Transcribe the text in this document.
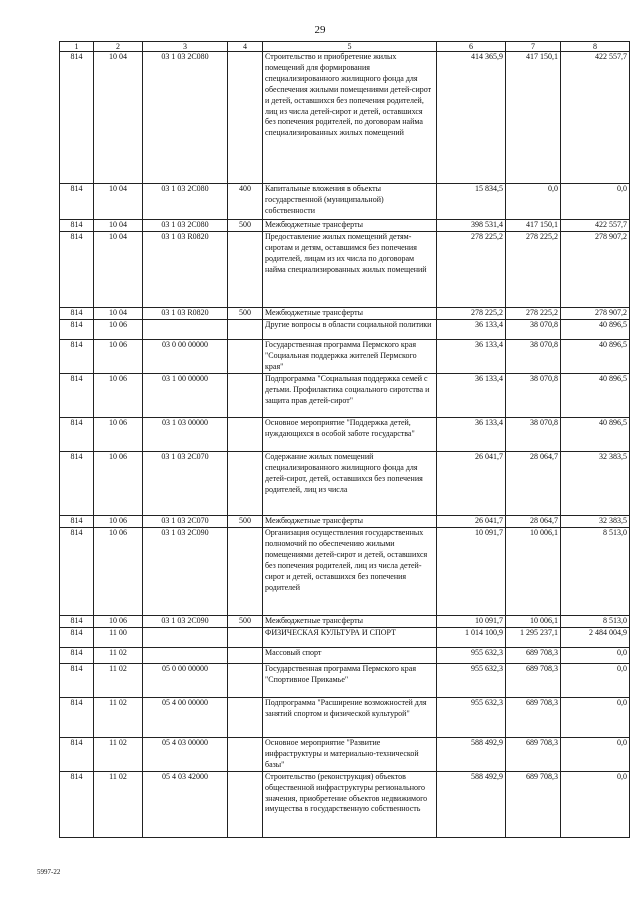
29
1	2	3	4	5	6	7	8
814	10 04	03 1 03 2С080		Строительство и приобретение жилых помещений для формирования специализированного жилищного фонда для обеспечения жилыми помещениями детей-сирот и детей, оставшихся без попечения родителей, лиц из числа детей-сирот и детей, оставшихся без попечения родителей, по договорам найма специализированных жилых помещений	414 365,9	417 150,1	422 557,7
814	10 04	03 1 03 2С080	400	Капитальные вложения в объекты государственной (муниципальной) собственности	15 834,5	0,0	0,0
814	10 04	03 1 03 2С080	500	Межбюджетные трансферты	398 531,4	417 150,1	422 557,7
814	10 04	03 1 03 R0820		Предоставление жилых помещений детям-сиротам и детям, оставшимся без попечения родителей, лицам из их числа по договорам найма специализированных жилых помещений	278 225,2	278 225,2	278 907,2
814	10 04	03 1 03 R0820	500	Межбюджетные трансферты	278 225,2	278 225,2	278 907,2
814	10 06			Другие вопросы в области социальной политики	36 133,4	38 070,8	40 896,5
814	10 06	03 0 00 00000		Государственная программа Пермского края "Социальная поддержка жителей Пермского края"	36 133,4	38 070,8	40 896,5
814	10 06	03 1 00 00000		Подпрограмма "Социальная поддержка семей с детьми. Профилактика социального сиротства и защита прав детей-сирот"	36 133,4	38 070,8	40 896,5
814	10 06	03 1 03 00000		Основное мероприятие "Поддержка детей, нуждающихся в особой заботе государства"	36 133,4	38 070,8	40 896,5
814	10 06	03 1 03 2С070		Содержание жилых помещений специализированного жилищного фонда для детей-сирот, детей, оставшихся без попечения родителей, лиц из числа	26 041,7	28 064,7	32 383,5
814	10 06	03 1 03 2С070	500	Межбюджетные трансферты	26 041,7	28 064,7	32 383,5
814	10 06	03 1 03 2С090		Организация осуществления государственных полномочий по обеспечению жилыми помещениями детей-сирот и детей, оставшихся без попечения родителей, лиц из числа детей-сирот и детей, оставшихся без попечения родителей	10 091,7	10 006,1	8 513,0
814	10 06	03 1 03 2С090	500	Межбюджетные трансферты	10 091,7	10 006,1	8 513,0
814	11 00			ФИЗИЧЕСКАЯ КУЛЬТУРА И СПОРТ	1 014 100,9	1 295 237,1	2 484 004,9
814	11 02			Массовый спорт	955 632,3	689 708,3	0,0
814	11 02	05 0 00 00000		Государственная программа Пермского края "Спортивное Прикамье"	955 632,3	689 708,3	0,0
814	11 02	05 4 00 00000		Подпрограмма "Расширение возможностей для занятий спортом и физической культурой"	955 632,3	689 708,3	0,0
814	11 02	05 4 03 00000		Основное мероприятие "Развитие инфраструктуры и материально-технической базы"	588 492,9	689 708,3	0,0
814	11 02	05 4 03 42000		Строительство (реконструкция) объектов общественной инфраструктуры регионального значения, приобретение объектов недвижимого имущества в государственную собственность	588 492,9	689 708,3	0,0
5997-22
